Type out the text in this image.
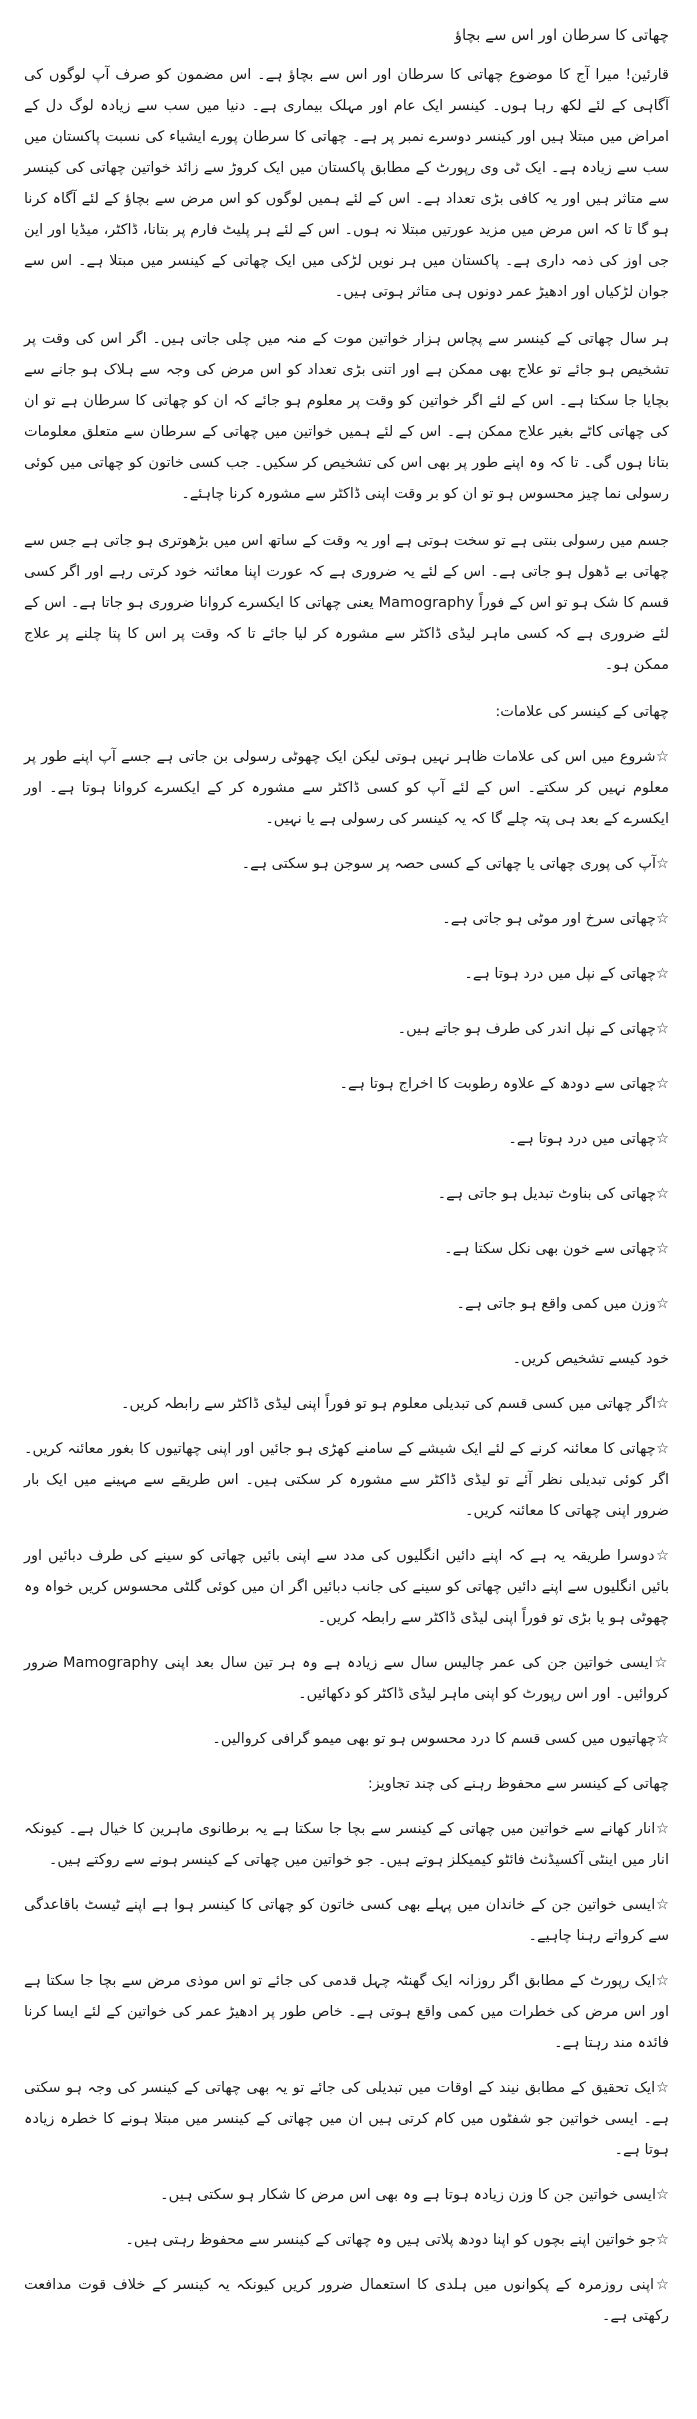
چھاتی کا سرطان اور اس سے بچاؤ
قارئین! میرا آج کا موضوع چھاتی کا سرطان اور اس سے بچاؤ ہے۔ اس مضمون کو صرف آپ لوگوں کی آگاہی کے لئے لکھ رہا ہوں۔ کینسر ایک عام اور مہلک بیماری ہے۔ دنیا میں سب سے زیادہ لوگ دل کے امراض میں مبتلا ہیں اور کینسر دوسرے نمبر پر ہے۔ چھاتی کا سرطان پورے ایشیاء کی نسبت پاکستان میں سب سے زیادہ ہے۔ ایک ٹی وی رپورٹ کے مطابق پاکستان میں ایک کروڑ سے زائد خواتین چھاتی کی کینسر سے متاثر ہیں اور یہ کافی بڑی تعداد ہے۔ اس کے لئے ہمیں لوگوں کو اس مرض سے بچاؤ کے لئے آگاہ کرنا ہو گا تا کہ اس مرض میں مزید عورتیں مبتلا نہ ہوں۔ اس کے لئے ہر پلیٹ فارم پر بتانا، ڈاکٹر، میڈیا اور این جی اوز کی ذمہ داری ہے۔ پاکستان میں ہر نویں لڑکی میں ایک چھاتی کے کینسر میں مبتلا ہے۔ اس سے جوان لڑکیاں اور ادھیڑ عمر دونوں ہی متاثر ہوتی ہیں۔
ہر سال چھاتی کے کینسر سے پچاس ہزار خواتین موت کے منہ میں چلی جاتی ہیں۔ اگر اس کی وقت پر تشخیص ہو جائے تو علاج بھی ممکن ہے اور اتنی بڑی تعداد کو اس مرض کی وجہ سے ہلاک ہو جانے سے بچایا جا سکتا ہے۔ اس کے لئے اگر خواتین کو وقت پر معلوم ہو جائے کہ ان کو چھاتی کا سرطان ہے تو ان کی چھاتی کاٹے بغیر علاج ممکن ہے۔ اس کے لئے ہمیں خواتین میں چھاتی کے سرطان سے متعلق معلومات بتانا ہوں گی۔ تا کہ وہ اپنے طور پر بھی اس کی تشخیص کر سکیں۔ جب کسی خاتون کو چھاتی میں کوئی رسولی نما چیز محسوس ہو تو ان کو بر وقت اپنی ڈاکٹر سے مشورہ کرنا چاہئے۔
جسم میں رسولی بنتی ہے تو سخت ہوتی ہے اور یہ وقت کے ساتھ اس میں بڑھوتری ہو جاتی ہے جس سے چھاتی بے ڈھول ہو جاتی ہے۔ اس کے لئے یہ ضروری ہے کہ عورت اپنا معائنہ خود کرتی رہے اور اگر کسی قسم کا شک ہو تو اس کے فوراً Mamography یعنی چھاتی کا ایکسرے کروانا ضروری ہو جاتا ہے۔ اس کے لئے ضروری ہے کہ کسی ماہر لیڈی ڈاکٹر سے مشورہ کر لیا جائے تا کہ وقت پر اس کا پتا چلنے پر علاج ممکن ہو۔
چھاتی کے کینسر کی علامات:
☆شروع میں اس کی علامات ظاہر نہیں ہوتی لیکن ایک چھوٹی رسولی بن جاتی ہے جسے آپ اپنے طور پر معلوم نہیں کر سکتے۔ اس کے لئے آپ کو کسی ڈاکٹر سے مشورہ کر کے ایکسرے کروانا ہوتا ہے۔ اور ایکسرے کے بعد ہی پتہ چلے گا کہ یہ کینسر کی رسولی ہے یا نہیں۔
☆آپ کی پوری چھاتی یا چھاتی کے کسی حصہ پر سوجن ہو سکتی ہے۔
☆چھاتی سرخ اور موٹی ہو جاتی ہے۔
☆چھاتی کے نپل میں درد ہوتا ہے۔
☆چھاتی کے نپل اندر کی طرف ہو جاتے ہیں۔
☆چھاتی سے دودھ کے علاوہ رطوبت کا اخراج ہوتا ہے۔
☆چھاتی میں درد ہوتا ہے۔
☆چھاتی کی بناوٹ تبدیل ہو جاتی ہے۔
☆چھاتی سے خون بھی نکل سکتا ہے۔
☆وزن میں کمی واقع ہو جاتی ہے۔
خود کیسے تشخیص کریں۔
☆اگر چھاتی میں کسی قسم کی تبدیلی معلوم ہو تو فوراً اپنی لیڈی ڈاکٹر سے رابطہ کریں۔
☆چھاتی کا معائنہ کرنے کے لئے ایک شیشے کے سامنے کھڑی ہو جائیں اور اپنی چھاتیوں کا بغور معائنہ کریں۔ اگر کوئی تبدیلی نظر آئے تو لیڈی ڈاکٹر سے مشورہ کر سکتی ہیں۔ اس طریقے سے مہینے میں ایک بار ضرور اپنی چھاتی کا معائنہ کریں۔
☆دوسرا طریقہ یہ ہے کہ اپنے دائیں انگلیوں کی مدد سے اپنی بائیں چھاتی کو سینے کی طرف دبائیں اور بائیں انگلیوں سے اپنے دائیں چھاتی کو سینے کی جانب دبائیں اگر ان میں کوئی گلٹی محسوس کریں خواہ وہ چھوٹی ہو یا بڑی تو فوراً اپنی لیڈی ڈاکٹر سے رابطہ کریں۔
☆ایسی خواتین جن کی عمر چالیس سال سے زیادہ ہے وہ ہر تین سال بعد اپنی Mamography ضرور کروائیں۔ اور اس رپورٹ کو اپنی ماہر لیڈی ڈاکٹر کو دکھائیں۔
☆چھاتیوں میں کسی قسم کا درد محسوس ہو تو بھی میمو گرافی کروالیں۔
چھاتی کے کینسر سے محفوظ رہنے کی چند تجاویز:
☆انار کھانے سے خواتین میں چھاتی کے کینسر سے بچا جا سکتا ہے یہ برطانوی ماہرین کا خیال ہے۔ کیونکہ انار میں اینٹی آکسیڈنٹ فائٹو کیمیکلز ہوتے ہیں۔ جو خواتین میں چھاتی کے کینسر ہونے سے روکتے ہیں۔
☆ایسی خواتین جن کے خاندان میں پہلے بھی کسی خاتون کو چھاتی کا کینسر ہوا ہے اپنے ٹیسٹ باقاعدگی سے کرواتے رہنا چاہیے۔
☆ایک رپورٹ کے مطابق اگر روزانہ ایک گھنٹہ چہل قدمی کی جائے تو اس موذی مرض سے بچا جا سکتا ہے اور اس مرض کی خطرات میں کمی واقع ہوتی ہے۔ خاص طور پر ادھیڑ عمر کی خواتین کے لئے ایسا کرنا فائدہ مند رہتا ہے۔
☆ایک تحقیق کے مطابق نیند کے اوقات میں تبدیلی کی جائے تو یہ بھی چھاتی کے کینسر کی وجہ ہو سکتی ہے۔ ایسی خواتین جو شفٹوں میں کام کرتی ہیں ان میں چھاتی کے کینسر میں مبتلا ہونے کا خطرہ زیادہ ہوتا ہے۔
☆ایسی خواتین جن کا وزن زیادہ ہوتا ہے وہ بھی اس مرض کا شکار ہو سکتی ہیں۔
☆جو خواتین اپنے بچوں کو اپنا دودھ پلاتی ہیں وہ چھاتی کے کینسر سے محفوظ رہتی ہیں۔
☆اپنی روزمرہ کے پکوانوں میں ہلدی کا استعمال ضرور کریں کیونکہ یہ کینسر کے خلاف قوت مدافعت رکھتی ہے۔
